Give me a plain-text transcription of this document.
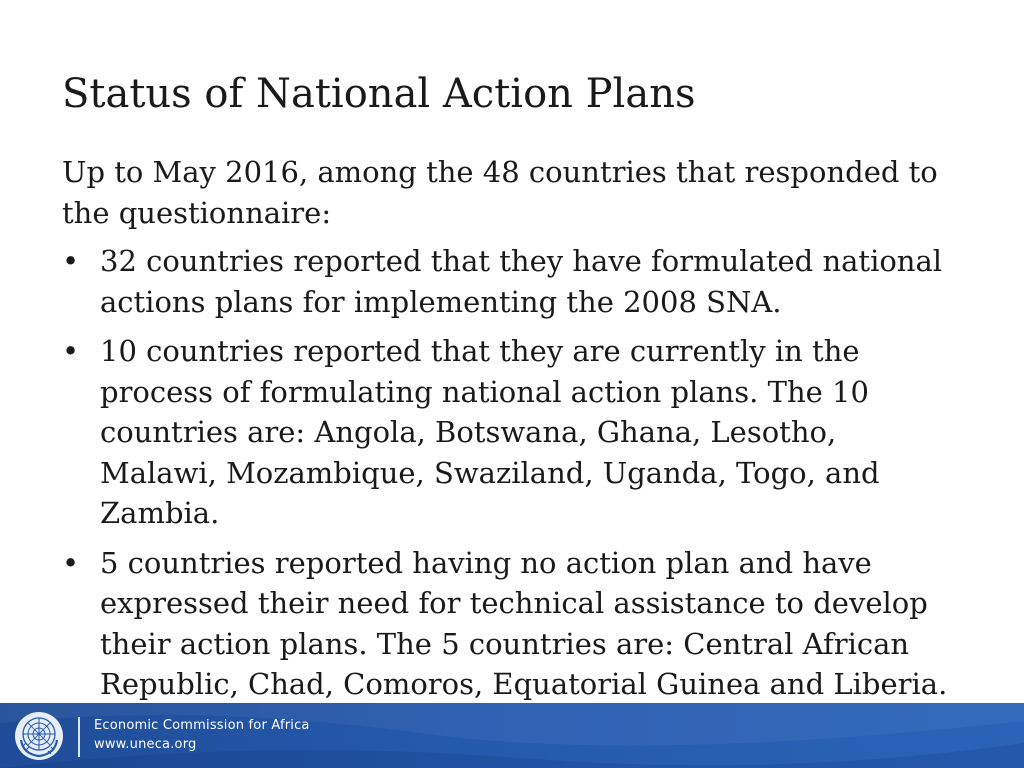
Status of National Action Plans

Up to May 2016, among the 48 countries that responded to the questionnaire:

• 32 countries reported that they have formulated national actions plans for implementing the 2008 SNA.
• 10 countries reported that they are currently in the process of formulating national action plans. The 10 countries are: Angola, Botswana, Ghana, Lesotho, Malawi, Mozambique, Swaziland, Uganda, Togo, and Zambia.
• 5 countries reported having no action plan and have expressed their need for technical assistance to develop their action plans. The 5 countries are: Central African Republic, Chad, Comoros, Equatorial Guinea and Liberia.
Economic Commission for Africa
www.uneca.org
